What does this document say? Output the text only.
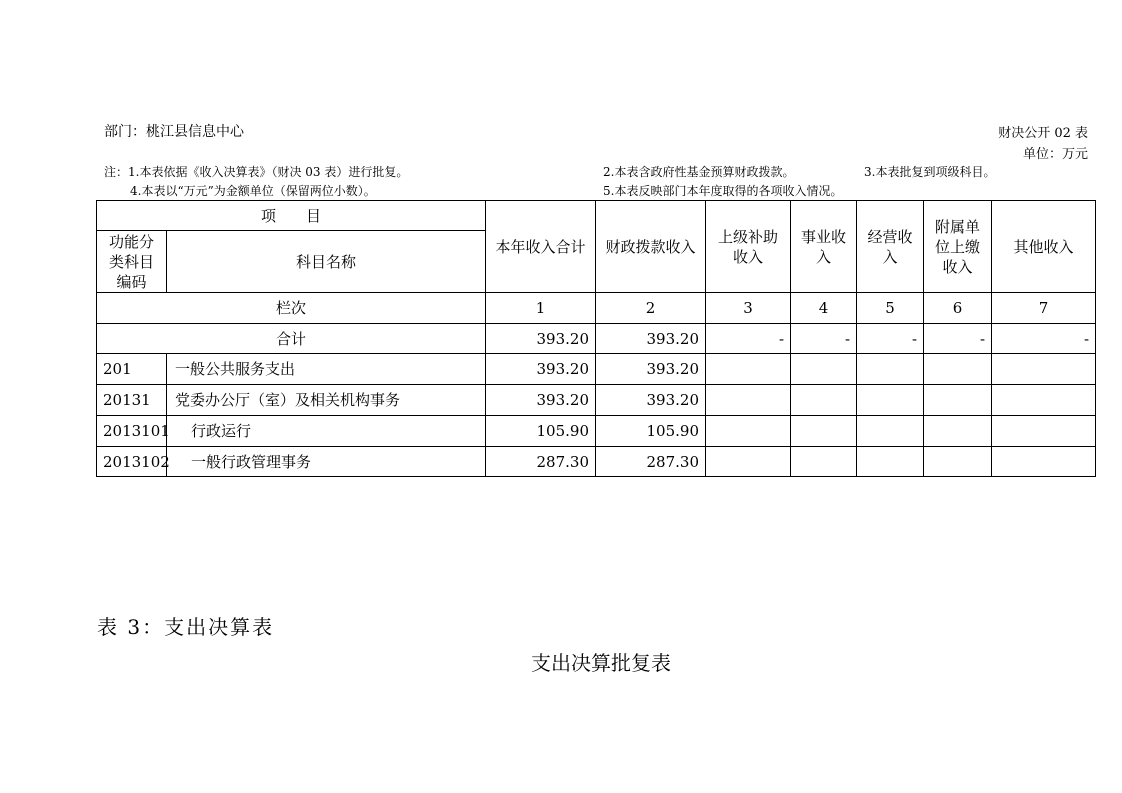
部门：桃江县信息中心	财决公开 02 表
单位：万元
注：1.本表依据《收入决算表》（财决 03 表）进行批复。	2.本表含政府性基金预算财政拨款。	3.本表批复到项级科目。
4.本表以“万元”为金额单位（保留两位小数）。	5.本表反映部门本年度取得的各项收入情况。
项　　目		本年收入合计	财政拨款收入	上级补助收入	事业收入	经营收入	附属单位上缴收入	其他收入
功能分类科目编码	科目名称							
栏次		1	2	3	4	5	6	7
合计		393.20	393.20	-	-	-	-	-
201	一般公共服务支出	393.20	393.20					
20131	党委办公厅（室）及相关机构事务	393.20	393.20					
2013101	行政运行	105.90	105.90					
2013102	一般行政管理事务	287.30	287.30					
表 3：支出决算表
支出决算批复表
